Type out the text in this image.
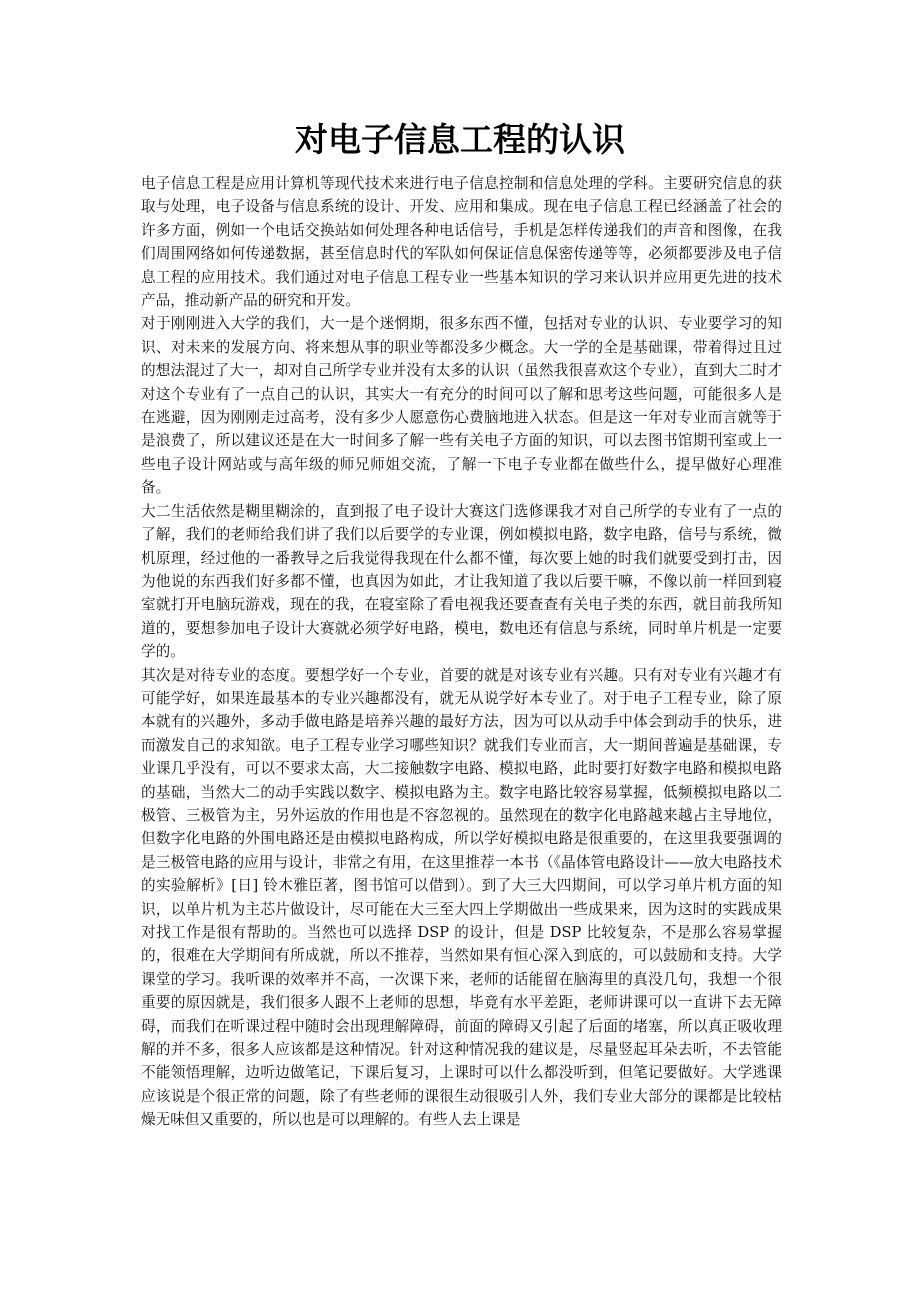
对电子信息工程的认识

电子信息工程是应用计算机等现代技术来进行电子信息控制和信息处理的学科。主要研究信息的获取与处理，电子设备与信息系统的设计、开发、应用和集成。现在电子信息工程已经涵盖了社会的许多方面，例如一个电话交换站如何处理各种电话信号，手机是怎样传递我们的声音和图像，在我们周围网络如何传递数据，甚至信息时代的军队如何保证信息保密传递等等，必须都要涉及电子信息工程的应用技术。我们通过对电子信息工程专业一些基本知识的学习来认识并应用更先进的技术产品，推动新产品的研究和开发。

对于刚刚进入大学的我们，大一是个迷惘期，很多东西不懂，包括对专业的认识、专业要学习的知识、对未来的发展方向、将来想从事的职业等都没多少概念。大一学的全是基础课，带着得过且过的想法混过了大一，却对自己所学专业并没有太多的认识（虽然我很喜欢这个专业），直到大二时才对这个专业有了一点自己的认识，其实大一有充分的时间可以了解和思考这些问题，可能很多人是在逃避，因为刚刚走过高考，没有多少人愿意伤心费脑地进入状态。但是这一年对专业而言就等于是浪费了，所以建议还是在大一时间多了解一些有关电子方面的知识，可以去图书馆期刊室或上一些电子设计网站或与高年级的师兄师姐交流，了解一下电子专业都在做些什么，提早做好心理准备。

大二生活依然是糊里糊涂的，直到报了电子设计大赛这门选修课我才对自己所学的专业有了一点的了解，我们的老师给我们讲了我们以后要学的专业课，例如模拟电路，数字电路，信号与系统，微机原理，经过他的一番教导之后我觉得我现在什么都不懂，每次要上她的时我们就要受到打击，因为他说的东西我们好多都不懂，也真因为如此，才让我知道了我以后要干嘛，不像以前一样回到寝室就打开电脑玩游戏，现在的我，在寝室除了看电视我还要查查有关电子类的东西，就目前我所知道的，要想参加电子设计大赛就必须学好电路，模电，数电还有信息与系统，同时单片机是一定要学的。

其次是对待专业的态度。要想学好一个专业，首要的就是对该专业有兴趣。只有对专业有兴趣才有可能学好，如果连最基本的专业兴趣都没有，就无从说学好本专业了。对于电子工程专业，除了原本就有的兴趣外，多动手做电路是培养兴趣的最好方法，因为可以从动手中体会到动手的快乐，进而激发自己的求知欲。电子工程专业学习哪些知识？就我们专业而言，大一期间普遍是基础课，专业课几乎没有，可以不要求太高，大二接触数字电路、模拟电路，此时要打好数字电路和模拟电路的基础，当然大二的动手实践以数字、模拟电路为主。数字电路比较容易掌握，低频模拟电路以二极管、三极管为主，另外运放的作用也是不容忽视的。虽然现在的数字化电路越来越占主导地位，但数字化电路的外围电路还是由模拟电路构成，所以学好模拟电路是很重要的，在这里我要强调的是三极管电路的应用与设计，非常之有用，在这里推荐一本书（《晶体管电路设计——放大电路技术的实验解析》[日] 铃木雅臣著，图书馆可以借到）。到了大三大四期间，可以学习单片机方面的知识，以单片机为主芯片做设计，尽可能在大三至大四上学期做出一些成果来，因为这时的实践成果对找工作是很有帮助的。当然也可以选择 DSP 的设计，但是 DSP 比较复杂，不是那么容易掌握的，很难在大学期间有所成就，所以不推荐，当然如果有恒心深入到底的，可以鼓励和支持。大学课堂的学习。我听课的效率并不高，一次课下来，老师的话能留在脑海里的真没几句，我想一个很重要的原因就是，我们很多人跟不上老师的思想，毕竟有水平差距，老师讲课可以一直讲下去无障碍，而我们在听课过程中随时会出现理解障碍，前面的障碍又引起了后面的堵塞，所以真正吸收理解的并不多，很多人应该都是这种情况。针对这种情况我的建议是，尽量竖起耳朵去听，不去管能不能领悟理解，边听边做笔记，下课后复习，上课时可以什么都没听到，但笔记要做好。大学逃课应该说是个很正常的问题，除了有些老师的课很生动很吸引人外，我们专业大部分的课都是比较枯燥无味但又重要的，所以也是可以理解的。有些人去上课是
